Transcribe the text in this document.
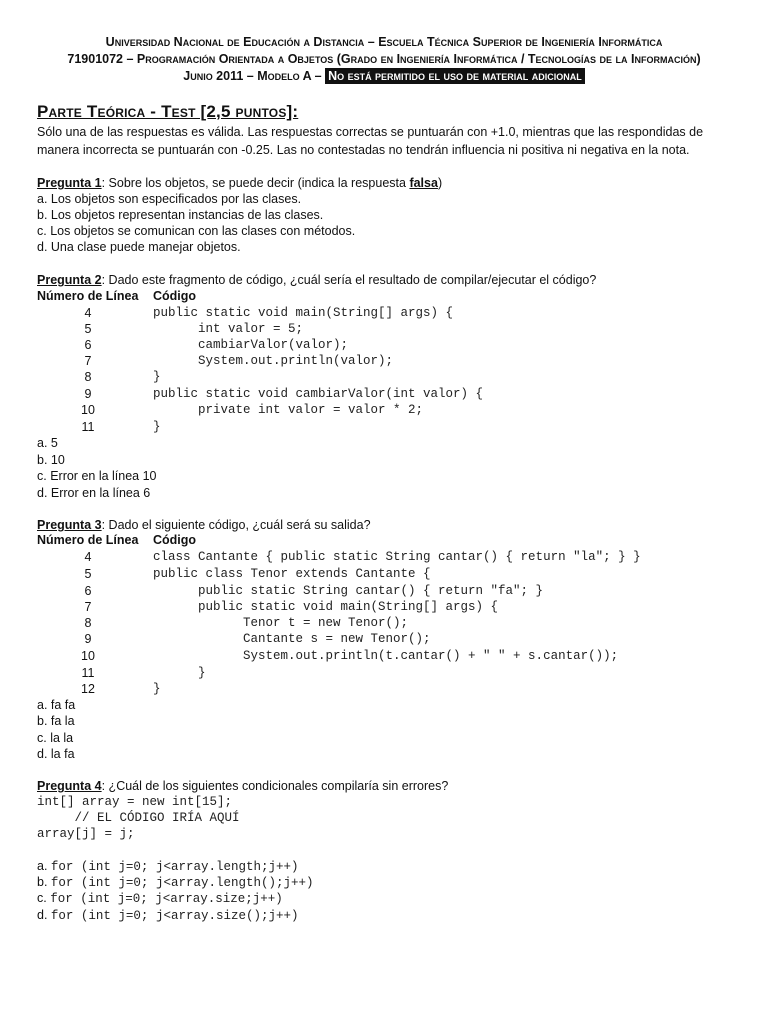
Universidad Nacional de Educación a Distancia – Escuela Técnica Superior de Ingeniería Informática
71901072 – Programación Orientada a Objetos (Grado en Ingeniería Informática / Tecnologías de la Información)
Junio 2011 – Modelo A – No está permitido el uso de material adicional
Parte Teórica - Test [2,5 puntos]:
Sólo una de las respuestas es válida. Las respuestas correctas se puntuarán con +1.0, mientras que las respondidas de
manera incorrecta se puntuarán con -0.25. Las no contestadas no tendrán influencia ni positiva ni negativa en la nota.
Pregunta 1: Sobre los objetos, se puede decir (indica la respuesta falsa)
a. Los objetos son especificados por las clases.
b. Los objetos representan instancias de las clases.
c. Los objetos se comunican con las clases con métodos.
d. Una clase puede manejar objetos.
Pregunta 2: Dado este fragmento de código, ¿cuál sería el resultado de compilar/ejecutar el código?
Número de Línea Código
4	public static void main(String[] args) {
5	int valor = 5;
6	cambiarValor(valor);
7	System.out.println(valor);
8	}
9	public static void cambiarValor(int valor) {
10	private int valor = valor * 2;
11	}
a. 5
b. 10
c. Error en la línea 10
d. Error en la línea 6
Pregunta 3: Dado el siguiente código, ¿cuál será su salida?
Número de Línea Código
4	class Cantante { public static String cantar() { return "la"; } }
5	public class Tenor extends Cantante {
6	public static String cantar() { return "fa"; }
7	public static void main(String[] args) {
8	Tenor t = new Tenor();
9	Cantante s = new Tenor();
10	System.out.println(t.cantar() + " " + s.cantar());
11	}
12	}
a. fa fa
b. fa la
c. la la
d. la fa
Pregunta 4: ¿Cuál de los siguientes condicionales compilaría sin errores?
int[] array = new int[15];
// EL CÓDIGO IRÍA AQUÍ
array[j] = j;
a. for (int j=0; j<array.length;j++)
b. for (int j=0; j<array.length();j++)
c. for (int j=0; j<array.size;j++)
d. for (int j=0; j<array.size();j++)
